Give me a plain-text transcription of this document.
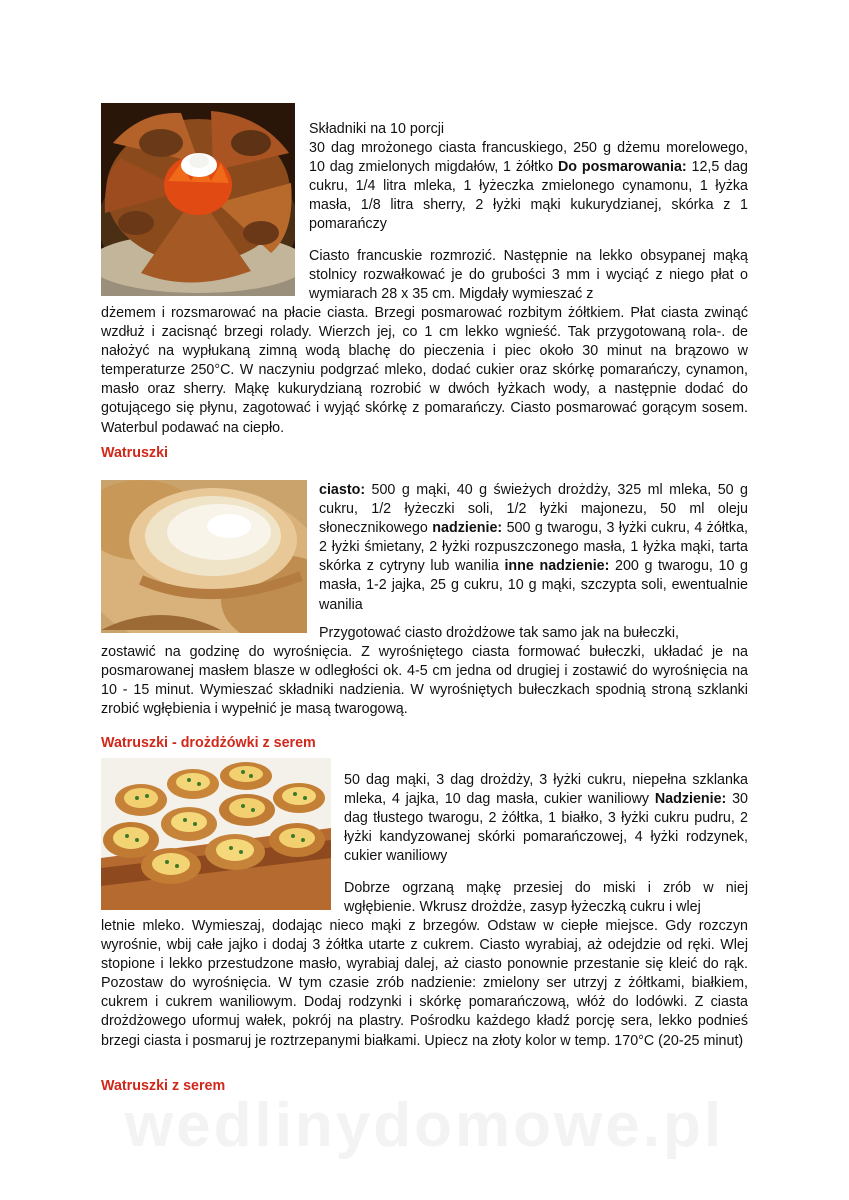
Składniki na 10 porcji

30 dag mrożonego ciasta francuskiego, 250 g dżemu morelowego, 10 dag zmielonych migdałów, 1 żółtko Do posmarowania: 12,5 dag cukru, 1/4 litra mleka, 1 łyżeczka zmielonego cynamonu, 1 łyżka masła, 1/8 litra sherry, 2 łyżki mąki kukurydzianej, skórka z 1 pomarańczy

Ciasto francuskie rozmrozić. Następnie na lekko obsypanej mąką stolnicy rozwałkować je do grubości 3 mm i wyciąć z niego płat o wymiarach 28 x 35 cm. Migdały wymieszać z

dżemem i rozsmarować na płacie ciasta. Brzegi posmarować rozbitym żółtkiem. Płat ciasta zwinąć wzdłuż i zacisnąć brzegi rolady. Wierzch jej, co 1 cm lekko wgnieść. Tak przygotowaną rola-. de nałożyć na wypłukaną zimną wodą blachę do pieczenia i piec około 30 minut na brązowo w temperaturze 250°C. W naczyniu podgrzać mleko, dodać cukier oraz skórkę pomarańczy, cynamon, masło oraz sherry. Mąkę kukurydzianą rozrobić w dwóch łyżkach wody, a następnie dodać do gotującego się płynu, zagotować i wyjąć skórkę z pomarańczy. Ciasto posmarować gorącym sosem. Waterbul podawać na ciepło.

Watruszki

ciasto: 500 g mąki, 40 g świeżych drożdży, 325 ml mleka, 50 g cukru, 1/2 łyżeczki soli, 1/2 łyżki majonezu, 50 ml oleju słonecznikowego nadzienie: 500 g twarogu, 3 łyżki cukru, 4 żółtka, 2 łyżki śmietany, 2 łyżki rozpuszczonego masła, 1 łyżka mąki, tarta skórka z cytryny lub wanilia inne nadzienie: 200 g twarogu, 10 g masła, 1-2 jajka, 25 g cukru, 10 g mąki, szczypta soli, ewentualnie wanilia

Przygotować ciasto drożdżowe tak samo jak na bułeczki,

zostawić na godzinę do wyrośnięcia. Z wyrośniętego ciasta formować bułeczki, układać je na posmarowanej masłem blasze w odległości ok. 4-5 cm jedna od drugiej i zostawić do wyrośnięcia na 10 - 15 minut. Wymieszać składniki nadzienia. W wyrośniętych bułeczkach spodnią stroną szklanki zrobić wgłębienia i wypełnić je masą twarogową.

Watruszki - drożdżówki z serem

50 dag mąki, 3 dag drożdży, 3 łyżki cukru, niepełna szklanka mleka, 4 jajka, 10 dag masła, cukier waniliowy Nadzienie: 30 dag tłustego twarogu, 2 żółtka, 1 białko, 3 łyżki cukru pudru, 2 łyżki kandyzowanej skórki pomarańczowej, 4 łyżki rodzynek, cukier waniliowy

Dobrze ogrzaną mąkę przesiej do miski i zrób w niej wgłębienie. Wkrusz drożdże, zasyp łyżeczką cukru i wlej

letnie mleko. Wymieszaj, dodając nieco mąki z brzegów. Odstaw w ciepłe miejsce. Gdy rozczyn wyrośnie, wbij całe jajko i dodaj 3 żółtka utarte z cukrem. Ciasto wyrabiaj, aż odejdzie od ręki. Wlej stopione i lekko przestudzone masło, wyrabiaj dalej, aż ciasto ponownie przestanie się kleić do rąk. Pozostaw do wyrośnięcia. W tym czasie zrób nadzienie: zmielony ser utrzyj z żółtkami, białkiem, cukrem i cukrem waniliowym. Dodaj rodzynki i skórkę pomarańczową, włóż do lodówki. Z ciasta drożdżowego uformuj wałek, pokrój na plastry. Pośrodku każdego kładź porcję sera, lekko podnieś brzegi ciasta i posmaruj je roztrzepanymi białkami. Upiecz na złoty kolor w temp. 170°C (20-25 minut)

Watruszki z serem
wedlinydomowe.pl
